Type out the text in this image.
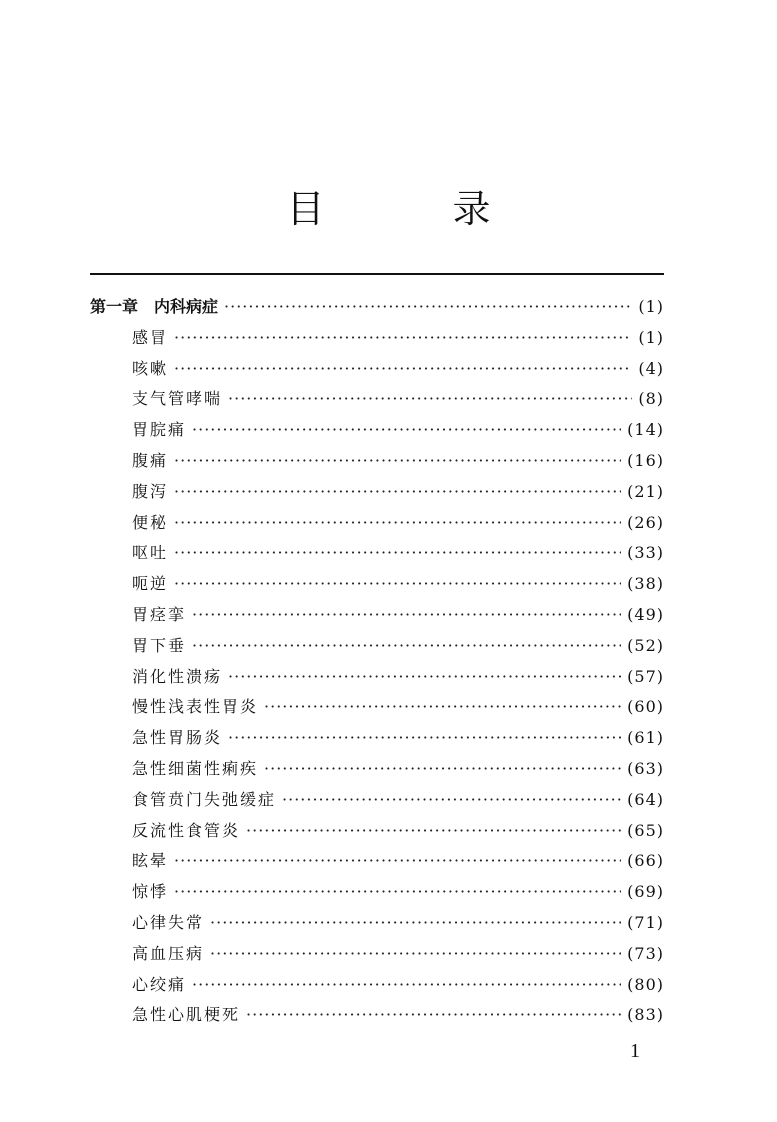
目 录
第一章　内科病症 ·····	(1)
感冒 ·····	(1)
咳嗽 ·····	(4)
支气管哮喘 ·····	(8)
胃脘痛 ·····	(14)
腹痛 ·····	(16)
腹泻 ·····	(21)
便秘 ·····	(26)
呕吐 ·····	(33)
呃逆 ·····	(38)
胃痉挛 ·····	(49)
胃下垂 ·····	(52)
消化性溃疡 ·····	(57)
慢性浅表性胃炎 ·····	(60)
急性胃肠炎 ·····	(61)
急性细菌性痢疾 ·····	(63)
食管贲门失弛缓症 ·····	(64)
反流性食管炎 ·····	(65)
眩晕 ·····	(66)
惊悸 ·····	(69)
心律失常 ·····	(71)
高血压病 ·····	(73)
心绞痛 ·····	(80)
急性心肌梗死 ·····	(83)
1
